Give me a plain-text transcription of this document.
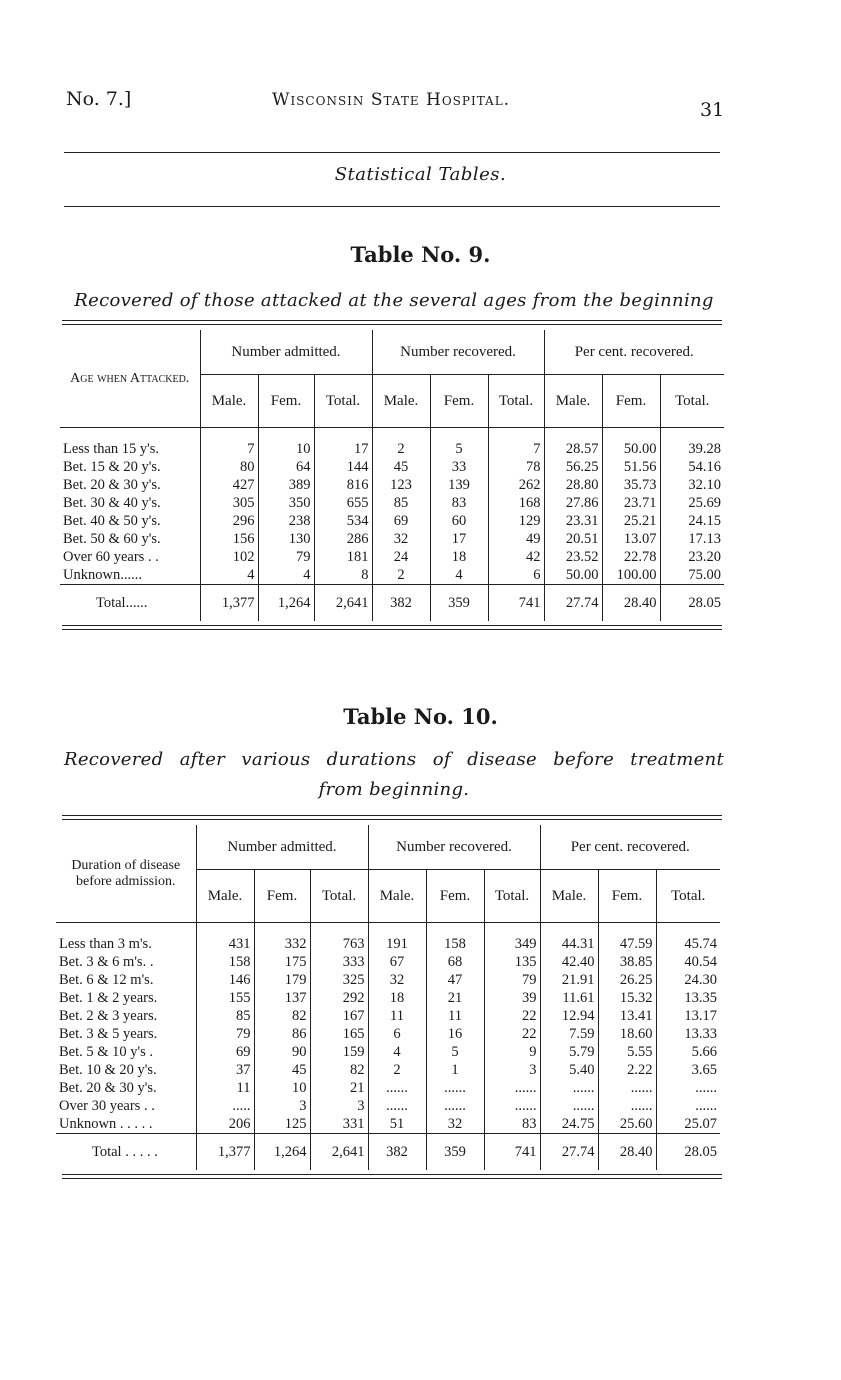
No. 7.]	Wisconsin State Hospital.	31
Statistical Tables.
Table No. 9.
Recovered of those attacked at the several ages from the beginning
Age when Attacked.	Number admitted.			Number recovered.			Per cent. recovered.		
	Male.	Fem.	Total.	Male.	Fem.	Total.	Male.	Fem.	Total.

Less than 15 y's.	7	10	17	2	5	7	28.57	50.00	39.28
Bet. 15 & 20 y's.	80	64	144	45	33	78	56.25	51.56	54.16
Bet. 20 & 30 y's.	427	389	816	123	139	262	28.80	35.73	32.10
Bet. 30 & 40 y's.	305	350	655	85	83	168	27.86	23.71	25.69
Bet. 40 & 50 y's.	296	238	534	69	60	129	23.31	25.21	24.15
Bet. 50 & 60 y's.	156	130	286	32	17	49	20.51	13.07	17.13
Over 60 years . .	102	79	181	24	18	42	23.52	22.78	23.20
Unknown......	4	4	8	2	4	6	50.00	100.00	75.00
Total......	1,377	1,264	2,641	382	359	741	27.74	28.40	28.05
Table No. 10.
Recovered after various durations of disease before treatment
from beginning.
Duration of disease before admission.	Number admitted.			Number recovered.			Per cent. recovered.		
	Male.	Fem.	Total.	Male.	Fem.	Total.	Male.	Fem.	Total.

Less than 3 m's.	431	332	763	191	158	349	44.31	47.59	45.74
Bet. 3 & 6 m's. .	158	175	333	67	68	135	42.40	38.85	40.54
Bet. 6 & 12 m's.	146	179	325	32	47	79	21.91	26.25	24.30
Bet. 1 & 2 years.	155	137	292	18	21	39	11.61	15.32	13.35
Bet. 2 & 3 years.	85	82	167	11	11	22	12.94	13.41	13.17
Bet. 3 & 5 years.	79	86	165	6	16	22	7.59	18.60	13.33
Bet. 5 & 10 y's .	69	90	159	4	5	9	5.79	5.55	5.66
Bet. 10 & 20 y's.	37	45	82	2	1	3	5.40	2.22	3.65
Bet. 20 & 30 y's.	11	10	21	......	......	......	......	......	......
Over 30 years . .	.....	3	3	......	......	......	......	......	......
Unknown . . . . .	206	125	331	51	32	83	24.75	25.60	25.07
Total . . . . .	1,377	1,264	2,641	382	359	741	27.74	28.40	28.05
